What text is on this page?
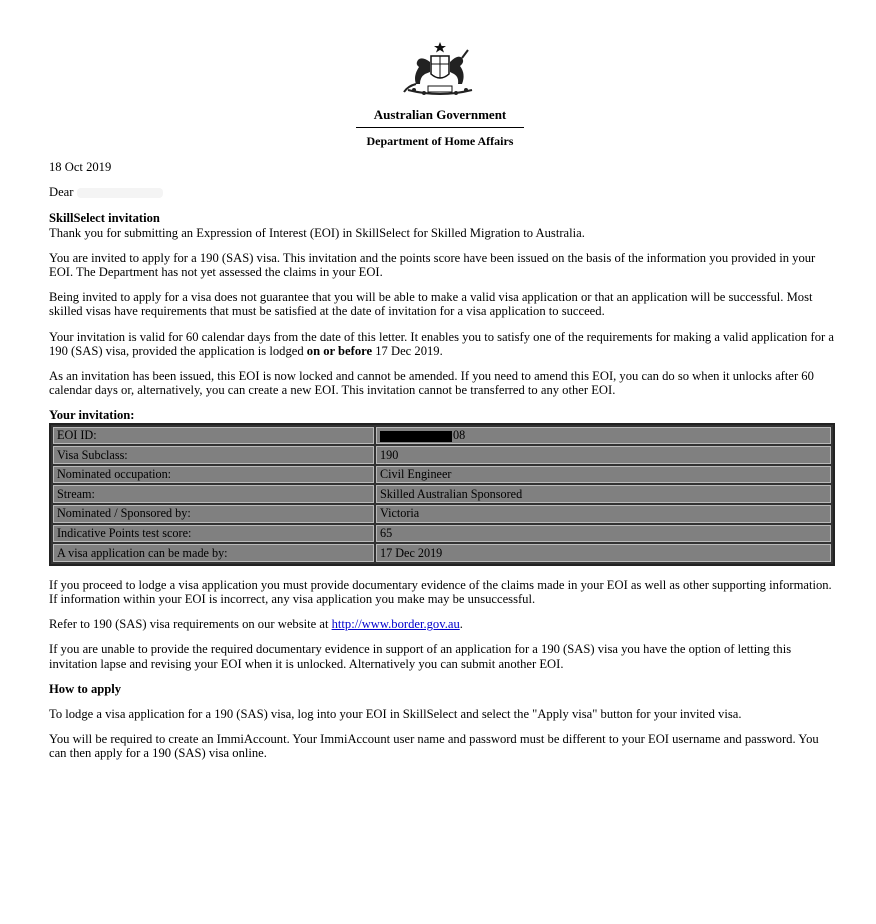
Australian Government
Department of Home Affairs
18 Oct 2019
Dear
SkillSelect invitation

Thank you for submitting an Expression of Interest (EOI) in SkillSelect for Skilled Migration to Australia.

You are invited to apply for a 190 (SAS) visa. This invitation and the points score have been issued on the basis of the information you provided in your EOI. The Department has not yet assessed the claims in your EOI.

Being invited to apply for a visa does not guarantee that you will be able to make a valid visa application or that an application will be successful. Most skilled visas have requirements that must be satisfied at the date of invitation for a visa application to succeed.

Your invitation is valid for 60 calendar days from the date of this letter. It enables you to satisfy one of the requirements for making a valid application for a 190 (SAS) visa, provided the application is lodged on or before 17 Dec 2019.

As an invitation has been issued, this EOI is now locked and cannot be amended. If you need to amend this EOI, you can do so when it unlocks after 60 calendar days or, alternatively, you can create a new EOI. This invitation cannot be transferred to any other EOI.

Your invitation:
EOI ID:	08
Visa Subclass:	190
Nominated occupation:	Civil Engineer
Stream:	Skilled Australian Sponsored
Nominated / Sponsored by:	Victoria
Indicative Points test score:	65
A visa application can be made by:	17 Dec 2019

If you proceed to lodge a visa application you must provide documentary evidence of the claims made in your EOI as well as other supporting information. If information within your EOI is incorrect, any visa application you make may be unsuccessful.

Refer to 190 (SAS) visa requirements on our website at http://www.border.gov.au.

If you are unable to provide the required documentary evidence in support of an application for a 190 (SAS) visa you have the option of letting this invitation lapse and revising your EOI when it is unlocked. Alternatively you can submit another EOI.

How to apply

To lodge a visa application for a 190 (SAS) visa, log into your EOI in SkillSelect and select the "Apply visa" button for your invited visa.

You will be required to create an ImmiAccount. Your ImmiAccount user name and password must be different to your EOI username and password. You can then apply for a 190 (SAS) visa online.
